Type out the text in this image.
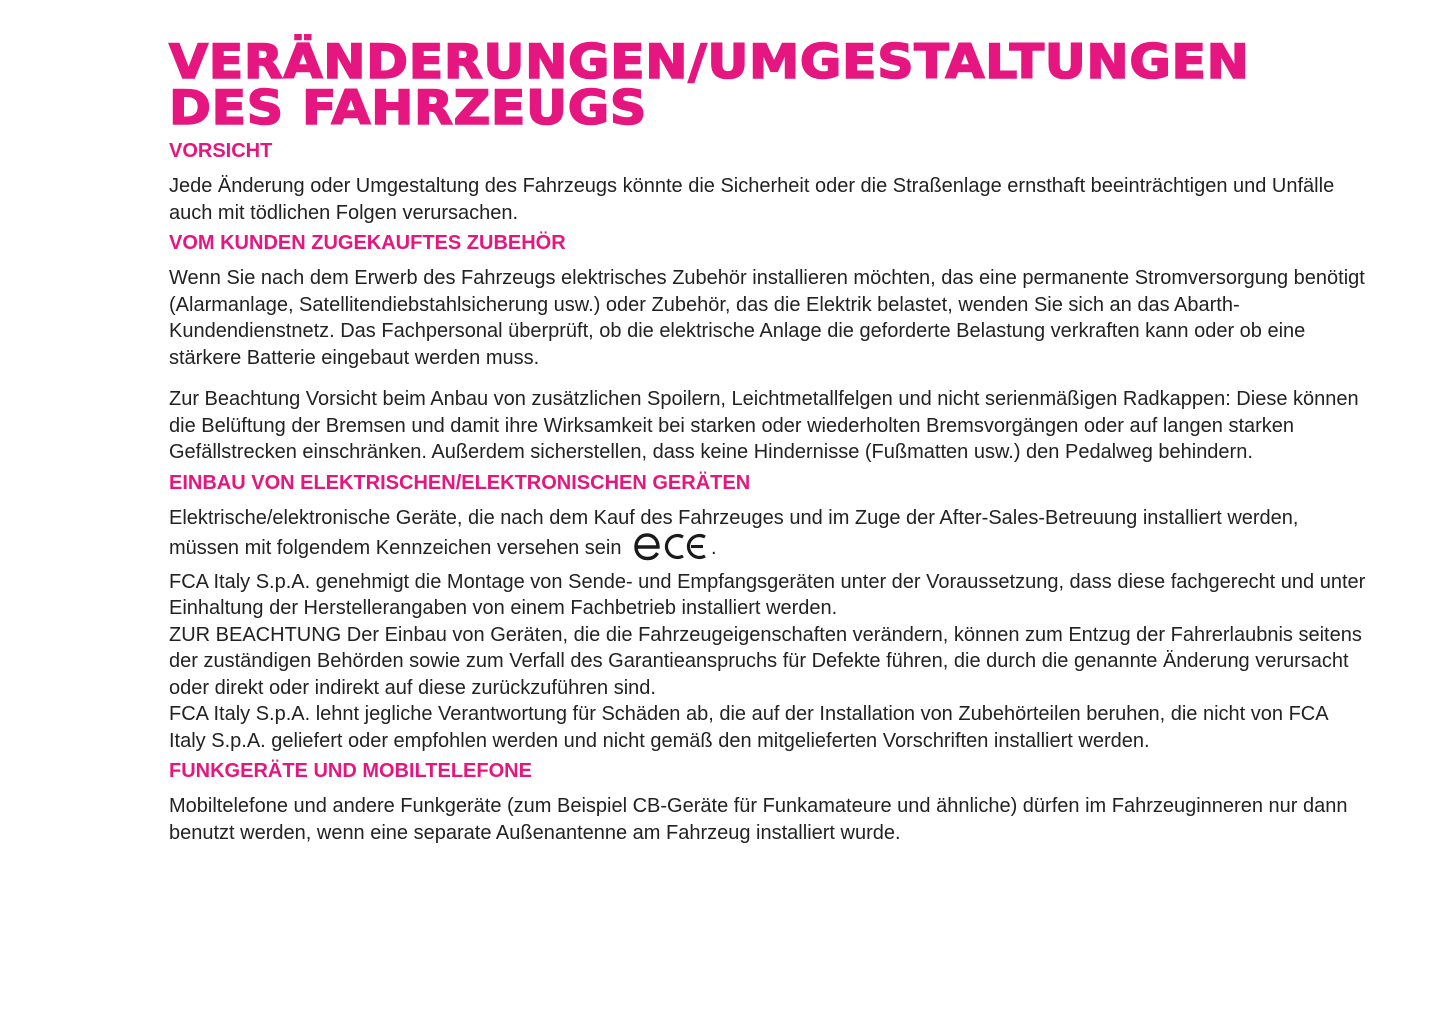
VERÄNDERUNGEN/UMGESTALTUNGEN
DES FAHRZEUGS
VORSICHT

Jede Änderung oder Umgestaltung des Fahrzeugs könnte die Sicherheit oder die Straßenlage ernsthaft beeinträchtigen und Unfälle auch mit tödlichen Folgen verursachen.

VOM KUNDEN ZUGEKAUFTES ZUBEHÖR

Wenn Sie nach dem Erwerb des Fahrzeugs elektrisches Zubehör installieren möchten, das eine permanente Stromversorgung benötigt (Alarmanlage, Satellitendiebstahlsicherung usw.) oder Zubehör, das die Elektrik belastet, wenden Sie sich an das Abarth-Kundendienstnetz. Das Fachpersonal überprüft, ob die elektrische Anlage die geforderte Belastung verkraften kann oder ob eine stärkere Batterie eingebaut werden muss.

Zur Beachtung Vorsicht beim Anbau von zusätzlichen Spoilern, Leichtmetallfelgen und nicht serienmäßigen Radkappen: Diese können die Belüftung der Bremsen und damit ihre Wirksamkeit bei starken oder wiederholten Bremsvorgängen oder auf langen starken Gefällstrecken einschränken. Außerdem sicherstellen, dass keine Hindernisse (Fußmatten usw.) den Pedalweg behindern.

EINBAU VON ELEKTRISCHEN/ELEKTRONISCHEN GERÄTEN
Elektrische/elektronische Geräte, die nach dem Kauf des Fahrzeuges und im Zuge der After-Sales-Betreuung installiert werden, müssen mit folgendem Kennzeichen versehen sein	.
FCA Italy S.p.A. genehmigt die Montage von Sende- und Empfangsgeräten unter der Voraussetzung, dass diese fachgerecht und unter Einhaltung der Herstellerangaben von einem Fachbetrieb installiert werden.
ZUR BEACHTUNG Der Einbau von Geräten, die die Fahrzeugeigenschaften verändern, können zum Entzug der Fahrerlaubnis seitens der zuständigen Behörden sowie zum Verfall des Garantieanspruchs für Defekte führen, die durch die genannte Änderung verursacht oder direkt oder indirekt auf diese zurückzuführen sind.
FCA Italy S.p.A. lehnt jegliche Verantwortung für Schäden ab, die auf der Installation von Zubehörteilen beruhen, die nicht von FCA Italy S.p.A. geliefert oder empfohlen werden und nicht gemäß den mitgelieferten Vorschriften installiert werden.
FUNKGERÄTE UND MOBILTELEFONE

Mobiltelefone und andere Funkgeräte (zum Beispiel CB-Geräte für Funkamateure und ähnliche) dürfen im Fahrzeuginneren nur dann benutzt werden, wenn eine separate Außenantenne am Fahrzeug installiert wurde.
